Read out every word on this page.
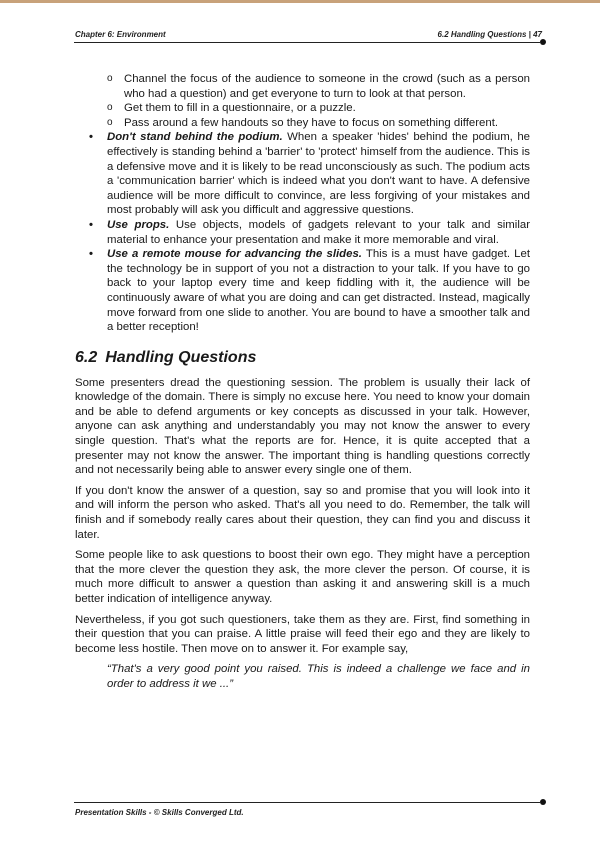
Chapter 6: Environment	6.2 Handling Questions | 47
o Channel the focus of the audience to someone in the crowd (such as a person who had a question) and get everyone to turn to look at that person.
o Get them to fill in a questionnaire, or a puzzle.
o Pass around a few handouts so they have to focus on something different.
• Don't stand behind the podium. When a speaker 'hides' behind the podium, he effectively is standing behind a 'barrier' to 'protect' himself from the audience. This is a defensive move and it is likely to be read unconsciously as such. The podium acts a 'communication barrier' which is indeed what you don't want to have. A defensive audience will be more difficult to convince, are less forgiving of your mistakes and most probably will ask you difficult and aggressive questions.
• Use props. Use objects, models of gadgets relevant to your talk and similar material to enhance your presentation and make it more memorable and viral.
• Use a remote mouse for advancing the slides. This is a must have gadget. Let the technology be in support of you not a distraction to your talk. If you have to go back to your laptop every time and keep fiddling with it, the audience will be continuously aware of what you are doing and can get distracted. Instead, magically move forward from one slide to another. You are bound to have a smoother talk and a better reception!
6.2 Handling Questions

Some presenters dread the questioning session. The problem is usually their lack of knowledge of the domain. There is simply no excuse here. You need to know your domain and be able to defend arguments or key concepts as discussed in your talk. However, anyone can ask anything and understandably you may not know the answer to every single question. That's what the reports are for. Hence, it is quite accepted that a presenter may not know the answer. The important thing is handling questions correctly and not necessarily being able to answer every single one of them.

If you don't know the answer of a question, say so and promise that you will look into it and will inform the person who asked. That's all you need to do. Remember, the talk will finish and if somebody really cares about their question, they can find you and discuss it later.

Some people like to ask questions to boost their own ego. They might have a perception that the more clever the question they ask, the more clever the person. Of course, it is much more difficult to answer a question than asking it and answering skill is a much better indication of intelligence anyway.

Nevertheless, if you got such questioners, take them as they are. First, find something in their question that you can praise. A little praise will feed their ego and they are likely to become less hostile. Then move on to answer it. For example say,

“That's a very good point you raised. This is indeed a challenge we face and in order to address it we ...”

Presentation Skills - © Skills Converged Ltd.
